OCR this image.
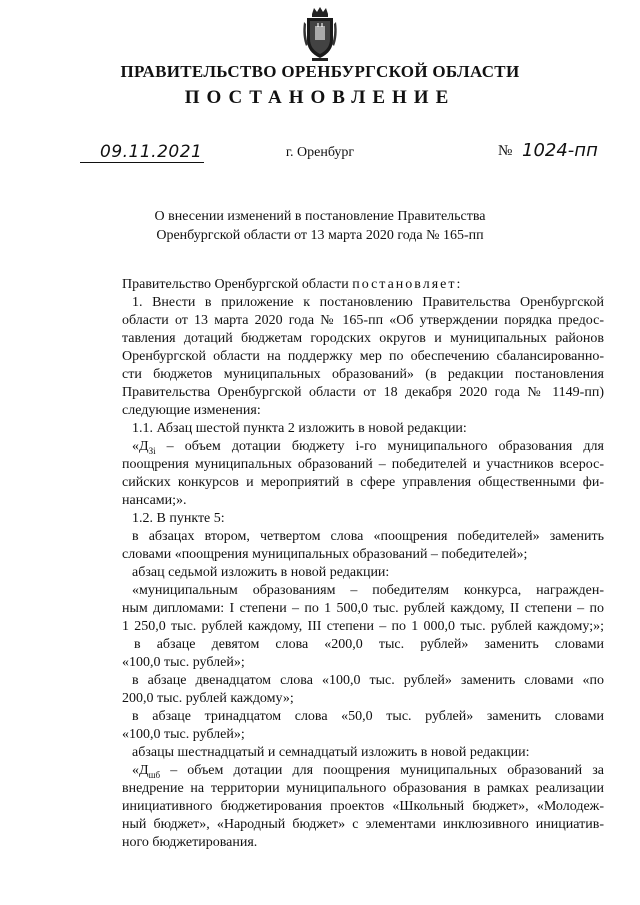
ПРАВИТЕЛЬСТВО ОРЕНБУРГСКОЙ ОБЛАСТИ
ПОСТАНОВЛЕНИЕ
09.11.2021	г. Оренбург	№ 1024-пп
О внесении изменений в постановление Правительства
Оренбургской области от 13 марта 2020 года № 165-пп
Правительство Оренбургской области постановляет:
1. Внести в приложение к постановлению Правительства Оренбургской
области от 13 марта 2020 года № 165-пп «Об утверждении порядка предос-
тавления дотаций бюджетам городских округов и муниципальных районов
Оренбургской области на поддержку мер по обеспечению сбалансированно-
сти бюджетов муниципальных образований» (в редакции постановления
Правительства Оренбургской области от 18 декабря 2020 года № 1149-пп)
следующие изменения:
1.1. Абзац шестой пункта 2 изложить в новой редакции:
«$Д_{Зi}$ – объем дотации бюджету i-го муниципального образования для
поощрения муниципальных образований – победителей и участников всерос-
сийских конкурсов и мероприятий в сфере управления общественными фи-
нансами;».
1.2. В пункте 5:
в абзацах втором, четвертом слова «поощрения победителей» заменить
словами «поощрения муниципальных образований – победителей»;
абзац седьмой изложить в новой редакции:
«муниципальным образованиям – победителям конкурса, награжден-
ным дипломами: I степени – по 1 500,0 тыс. рублей каждому, II степени – по
1 250,0 тыс. рублей каждому, III степени – по 1 000,0 тыс. рублей каждому;»;
в абзаце девятом слова «200,0 тыс. рублей» заменить словами
«100,0 тыс. рублей»;
в абзаце двенадцатом слова «100,0 тыс. рублей» заменить словами «по
200,0 тыс. рублей каждому»;
в абзаце тринадцатом слова «50,0 тыс. рублей» заменить словами
«100,0 тыс. рублей»;
абзацы шестнадцатый и семнадцатый изложить в новой редакции:
«$Д_{шб}$ – объем дотации для поощрения муниципальных образований за
внедрение на территории муниципального образования в рамках реализации
инициативного бюджетирования проектов «Школьный бюджет», «Молодеж-
ный бюджет», «Народный бюджет» с элементами инклюзивного инициатив-
ного бюджетирования.
